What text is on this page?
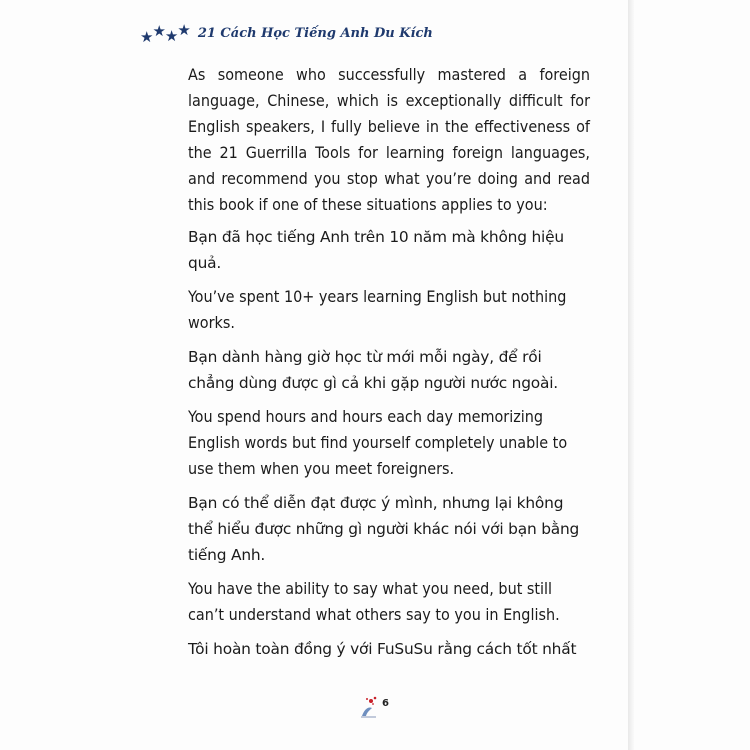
★ ★ ★ ★ 21 Cách Học Tiếng Anh Du Kích

As someone who successfully mastered a foreign language, Chinese, which is exceptionally difficult for English speakers, I fully believe in the effectiveness of the 21 Guerrilla Tools for learning foreign languages, and recommend you stop what you’re doing and read this book if one of these situations applies to you:

Bạn đã học tiếng Anh trên 10 năm mà không hiệu quả.

You’ve spent 10+ years learning English but nothing works.

Bạn dành hàng giờ học từ mới mỗi ngày, để rồi chẳng dùng được gì cả khi gặp người nước ngoài.

You spend hours and hours each day memorizing English words but find yourself completely unable to use them when you meet foreigners.

Bạn có thể diễn đạt được ý mình, nhưng lại không thể hiểu được những gì người khác nói với bạn bằng tiếng Anh.

You have the ability to say what you need, but still can’t understand what others say to you in English.

Tôi hoàn toàn đồng ý với FuSuSu rằng cách tốt nhất

6
